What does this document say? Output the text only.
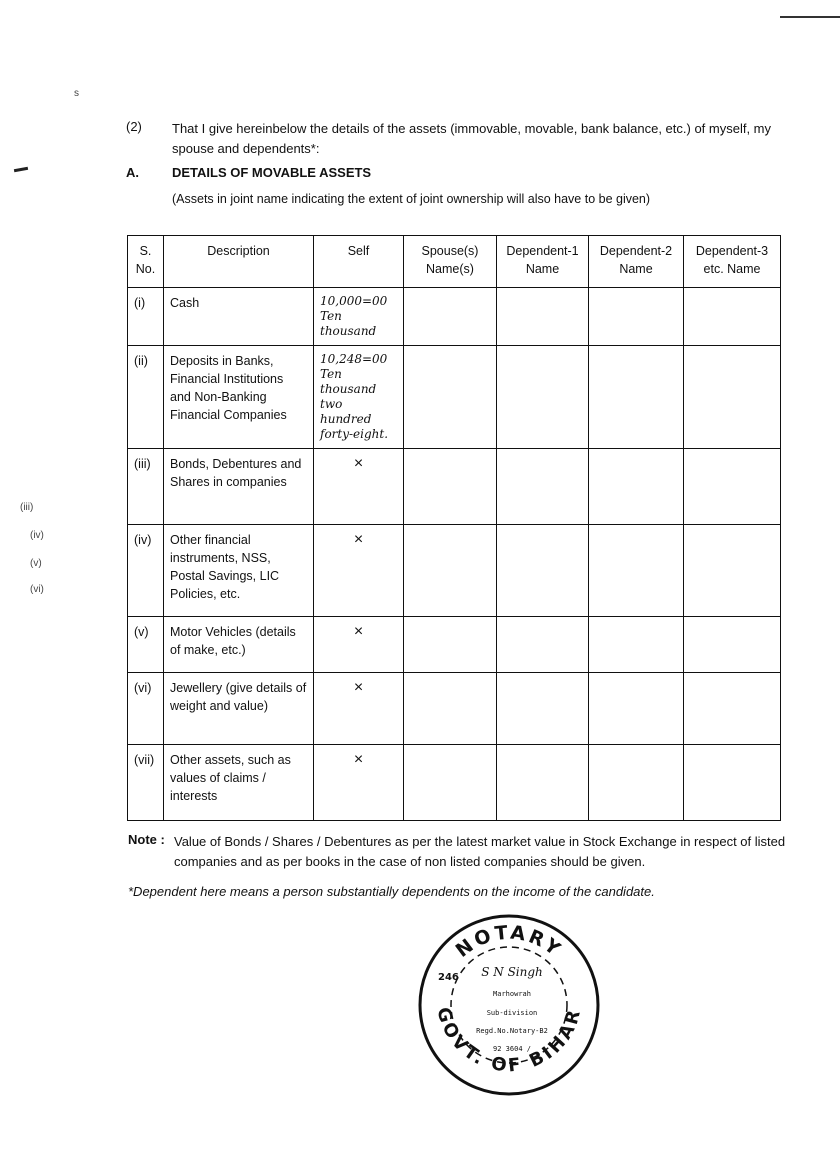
s
(2) That I give hereinbelow the details of the assets (immovable, movable, bank balance, etc.) of myself, my spouse and dependents*:
A.	DETAILS OF MOVABLE ASSETS
(Assets in joint name indicating the extent of joint ownership will also have to be given)
S. No.	Description	Self	Spouse(s) Name(s)	Dependent-1 Name	Dependent-2 Name	Dependent-3 etc. Name
(i)	Cash	10,000=00
Ten thousand				

(ii)	Deposits in Banks, Financial Institutions and Non-Banking Financial Companies	10,248=00
Ten thousand two hundred forty-eight.				

(iii)	Bonds, Debentures and Shares in companies	×				
(iv)	Other financial instruments, NSS, Postal Savings, LIC Policies, etc.	×				
(v)	Motor Vehicles (details of make, etc.)	×				
(vi)	Jewellery (give details of weight and value)	×				
(vii)	Other assets, such as values of claims / interests	×				
(iii)
(iv)
(v)
(vi)
Note : Value of Bonds / Shares / Debentures as per the latest market value in Stock Exchange in respect of listed companies and as per books in the case of non listed companies should be given.
*Dependent here means a person substantially dependents on the income of the candidate.
NOTARY
GOVT. OF BIHAR
246 S N Singh
Marhowrah
Sub-division
Regd.No.Notary-B2
92 3604 /
